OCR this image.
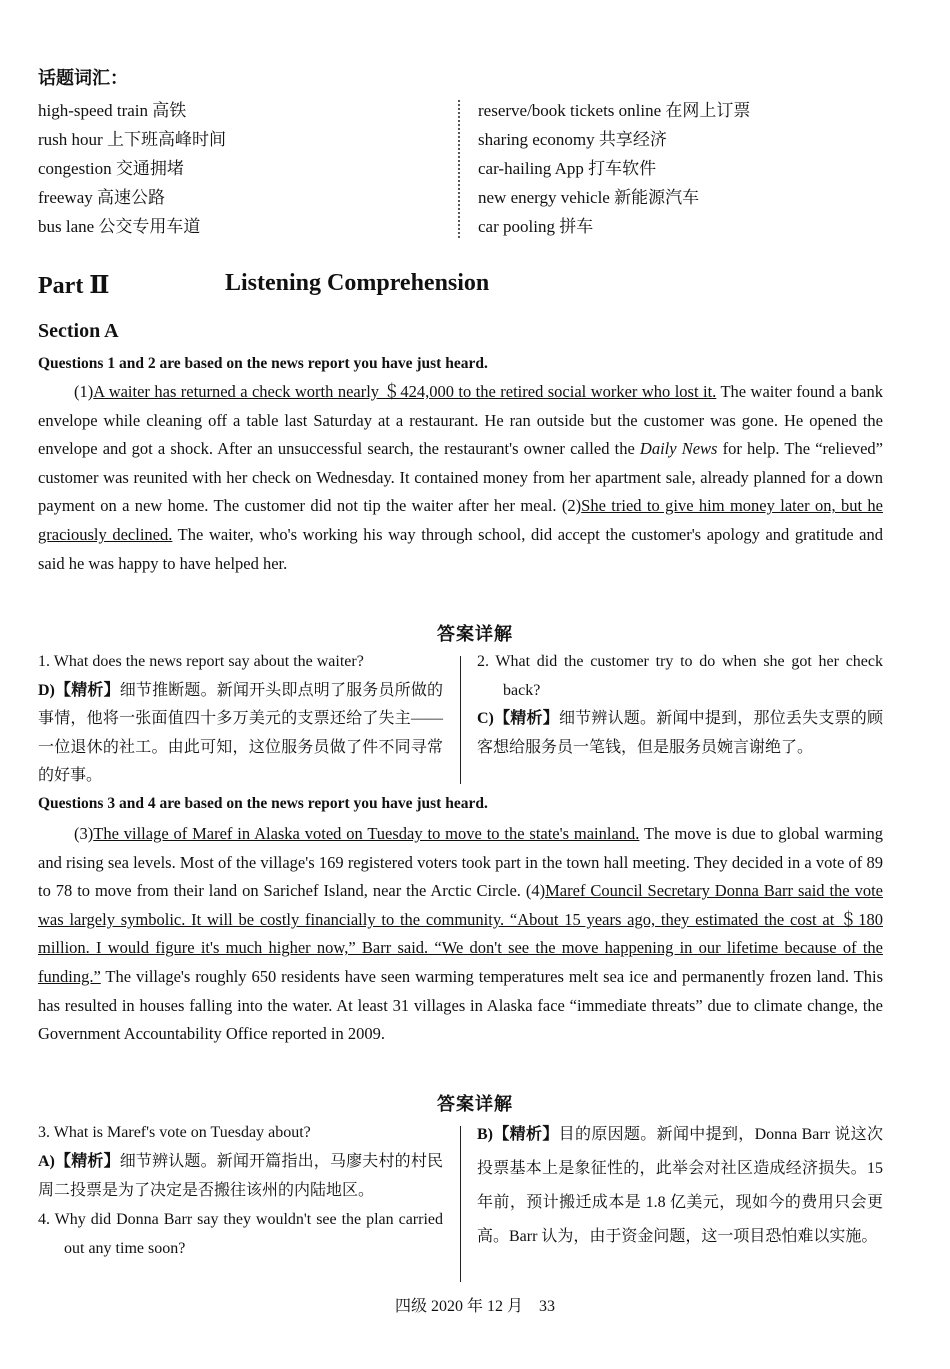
话题词汇：
high-speed train 高铁
rush hour 上下班高峰时间
congestion 交通拥堵
freeway 高速公路
bus lane 公交专用车道
reserve/book tickets online 在网上订票
sharing economy 共享经济
car-hailing App 打车软件
new energy vehicle 新能源汽车
car pooling 拼车
Part Ⅱ	Listening Comprehension
Section A
Questions 1 and 2 are based on the news report you have just heard.

(1)A waiter has returned a check worth nearly ＄424,000 to the retired social worker who lost it. The waiter found a bank envelope while cleaning off a table last Saturday at a restaurant. He ran outside but the customer was gone. He opened the envelope and got a shock. After an unsuccessful search, the restaurant's owner called the Daily News for help. The “relieved” customer was reunited with her check on Wednesday. It contained money from her apartment sale, already planned for a down payment on a new home. The customer did not tip the waiter after her meal. (2)She tried to give him money later on, but he graciously declined. The waiter, who's working his way through school, did accept the customer's apology and gratitude and said he was happy to have helped her.

答案详解
1. What does the news report say about the waiter?

D)【精析】细节推断题。新闻开头即点明了服务员所做的事情，他将一张面值四十多万美元的支票还给了失主——一位退休的社工。由此可知，这位服务员做了件不同寻常的好事。

2. What did the customer try to do when she got her check back?

C)【精析】细节辨认题。新闻中提到，那位丢失支票的顾客想给服务员一笔钱，但是服务员婉言谢绝了。

Questions 3 and 4 are based on the news report you have just heard.

(3)The village of Maref in Alaska voted on Tuesday to move to the state's mainland. The move is due to global warming and rising sea levels. Most of the village's 169 registered voters took part in the town hall meeting. They decided in a vote of 89 to 78 to move from their land on Sarichef Island, near the Arctic Circle. (4)Maref Council Secretary Donna Barr said the vote was largely symbolic. It will be costly financially to the community. “About 15 years ago, they estimated the cost at ＄180 million. I would figure it's much higher now,” Barr said. “We don't see the move happening in our lifetime because of the funding.” The village's roughly 650 residents have seen warming temperatures melt sea ice and permanently frozen land. This has resulted in houses falling into the water. At least 31 villages in Alaska face “immediate threats” due to climate change, the Government Accountability Office reported in 2009.

答案详解
3. What is Maref's vote on Tuesday about?

A)【精析】细节辨认题。新闻开篇指出，马廖夫村的村民周二投票是为了决定是否搬往该州的内陆地区。

4. Why did Donna Barr say they wouldn't see the plan carried out any time soon?

B)【精析】目的原因题。新闻中提到，Donna Barr 说这次投票基本上是象征性的，此举会对社区造成经济损失。15 年前，预计搬迁成本是 1.8 亿美元，现如今的费用只会更高。Barr 认为，由于资金问题，这一项目恐怕难以实施。

四级 2020 年 12 月　33
